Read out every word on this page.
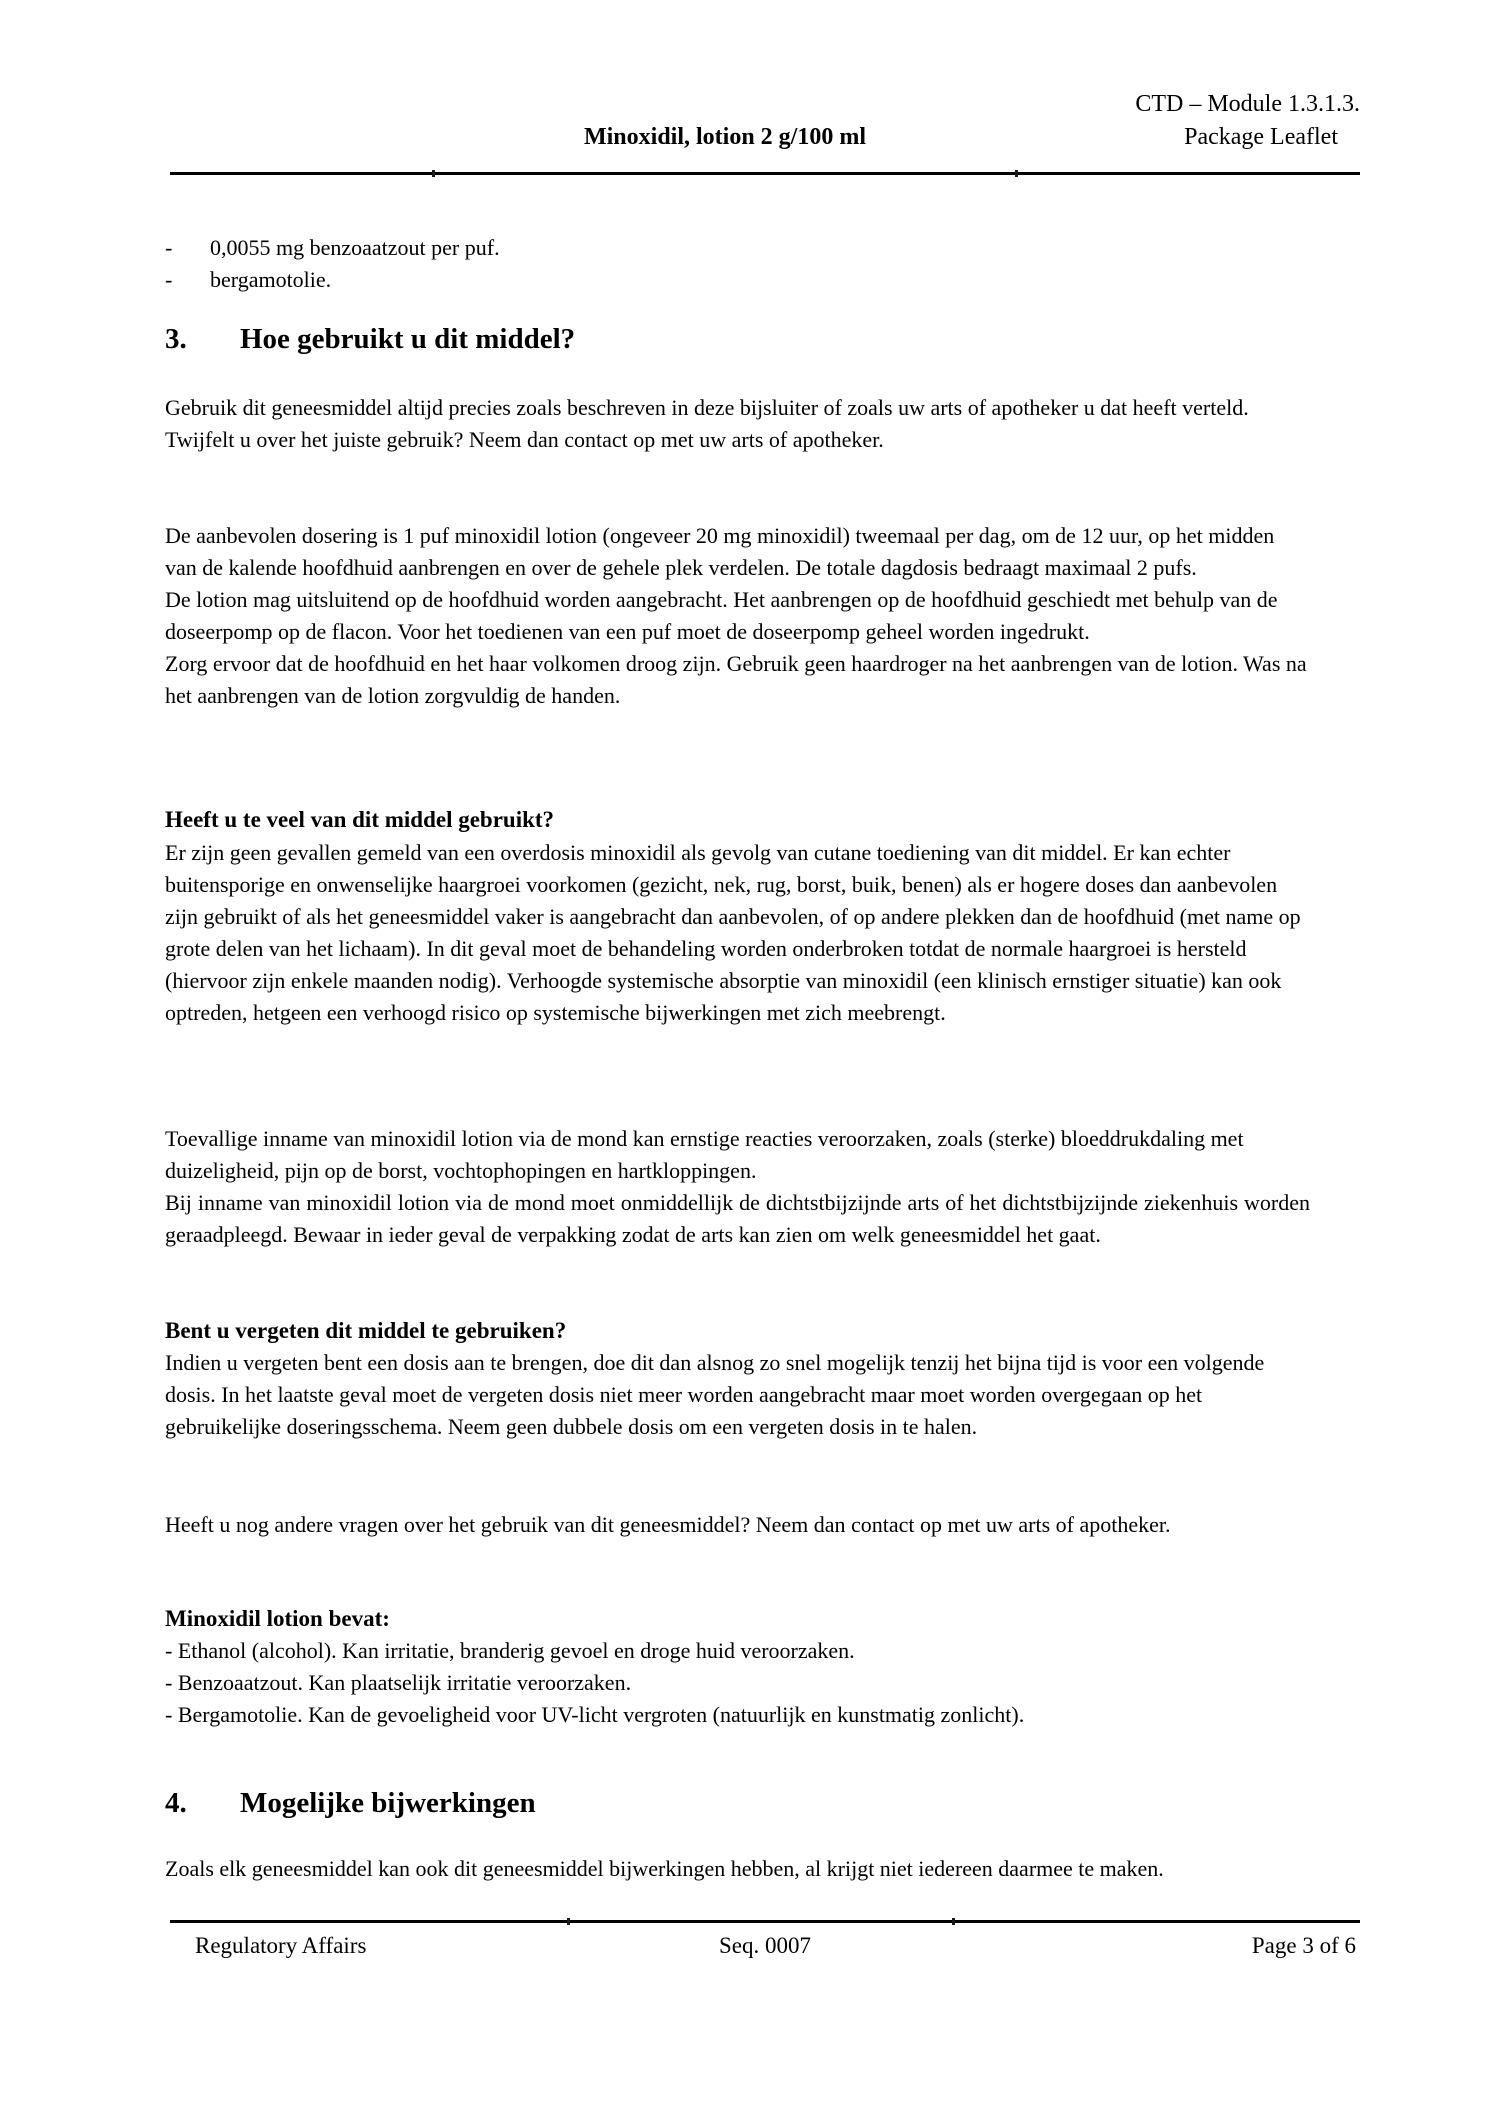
CTD – Module 1.3.1.3.
Minoxidil, lotion 2 g/100 ml	Package Leaflet
-	0,0055 mg benzoaatzout per puf.
-	bergamotolie.
3.	Hoe gebruikt u dit middel?

Gebruik dit geneesmiddel altijd precies zoals beschreven in deze bijsluiter of zoals uw arts of apotheker u dat heeft verteld. Twijfelt u over het juiste gebruik? Neem dan contact op met uw arts of apotheker.

De aanbevolen dosering is 1 puf minoxidil lotion (ongeveer 20 mg minoxidil) tweemaal per dag, om de 12 uur, op het midden van de kalende hoofdhuid aanbrengen en over de gehele plek verdelen. De totale dagdosis bedraagt maximaal 2 pufs.

De lotion mag uitsluitend op de hoofdhuid worden aangebracht. Het aanbrengen op de hoofdhuid geschiedt met behulp van de doseerpomp op de flacon. Voor het toedienen van een puf moet de doseerpomp geheel worden ingedrukt.

Zorg ervoor dat de hoofdhuid en het haar volkomen droog zijn. Gebruik geen haardroger na het aanbrengen van de lotion. Was na het aanbrengen van de lotion zorgvuldig de handen.

Heeft u te veel van dit middel gebruikt?

Er zijn geen gevallen gemeld van een overdosis minoxidil als gevolg van cutane toediening van dit middel. Er kan echter buitensporige en onwenselijke haargroei voorkomen (gezicht, nek, rug, borst, buik, benen) als er hogere doses dan aanbevolen zijn gebruikt of als het geneesmiddel vaker is aangebracht dan aanbevolen, of op andere plekken dan de hoofdhuid (met name op grote delen van het lichaam). In dit geval moet de behandeling worden onderbroken totdat de normale haargroei is hersteld (hiervoor zijn enkele maanden nodig). Verhoogde systemische absorptie van minoxidil (een klinisch ernstiger situatie) kan ook optreden, hetgeen een verhoogd risico op systemische bijwerkingen met zich meebrengt.

Toevallige inname van minoxidil lotion via de mond kan ernstige reacties veroorzaken, zoals (sterke) bloeddrukdaling met duizeligheid, pijn op de borst, vochtophopingen en hartkloppingen.

Bij inname van minoxidil lotion via de mond moet onmiddellijk de dichtstbijzijnde arts of het dichtstbijzijnde ziekenhuis worden geraadpleegd. Bewaar in ieder geval de verpakking zodat de arts kan zien om welk geneesmiddel het gaat.

Bent u vergeten dit middel te gebruiken?

Indien u vergeten bent een dosis aan te brengen, doe dit dan alsnog zo snel mogelijk tenzij het bijna tijd is voor een volgende dosis. In het laatste geval moet de vergeten dosis niet meer worden aangebracht maar moet worden overgegaan op het gebruikelijke doseringsschema. Neem geen dubbele dosis om een vergeten dosis in te halen.

Heeft u nog andere vragen over het gebruik van dit geneesmiddel? Neem dan contact op met uw arts of apotheker.

Minoxidil lotion bevat:
- Ethanol (alcohol). Kan irritatie, branderig gevoel en droge huid veroorzaken.
- Benzoaatzout. Kan plaatselijk irritatie veroorzaken.
- Bergamotolie. Kan de gevoeligheid voor UV-licht vergroten (natuurlijk en kunstmatig zonlicht).
4.	Mogelijke bijwerkingen

Zoals elk geneesmiddel kan ook dit geneesmiddel bijwerkingen hebben, al krijgt niet iedereen daarmee te maken.

Seq. 0007
Regulatory Affairs	Page 3 of 6
